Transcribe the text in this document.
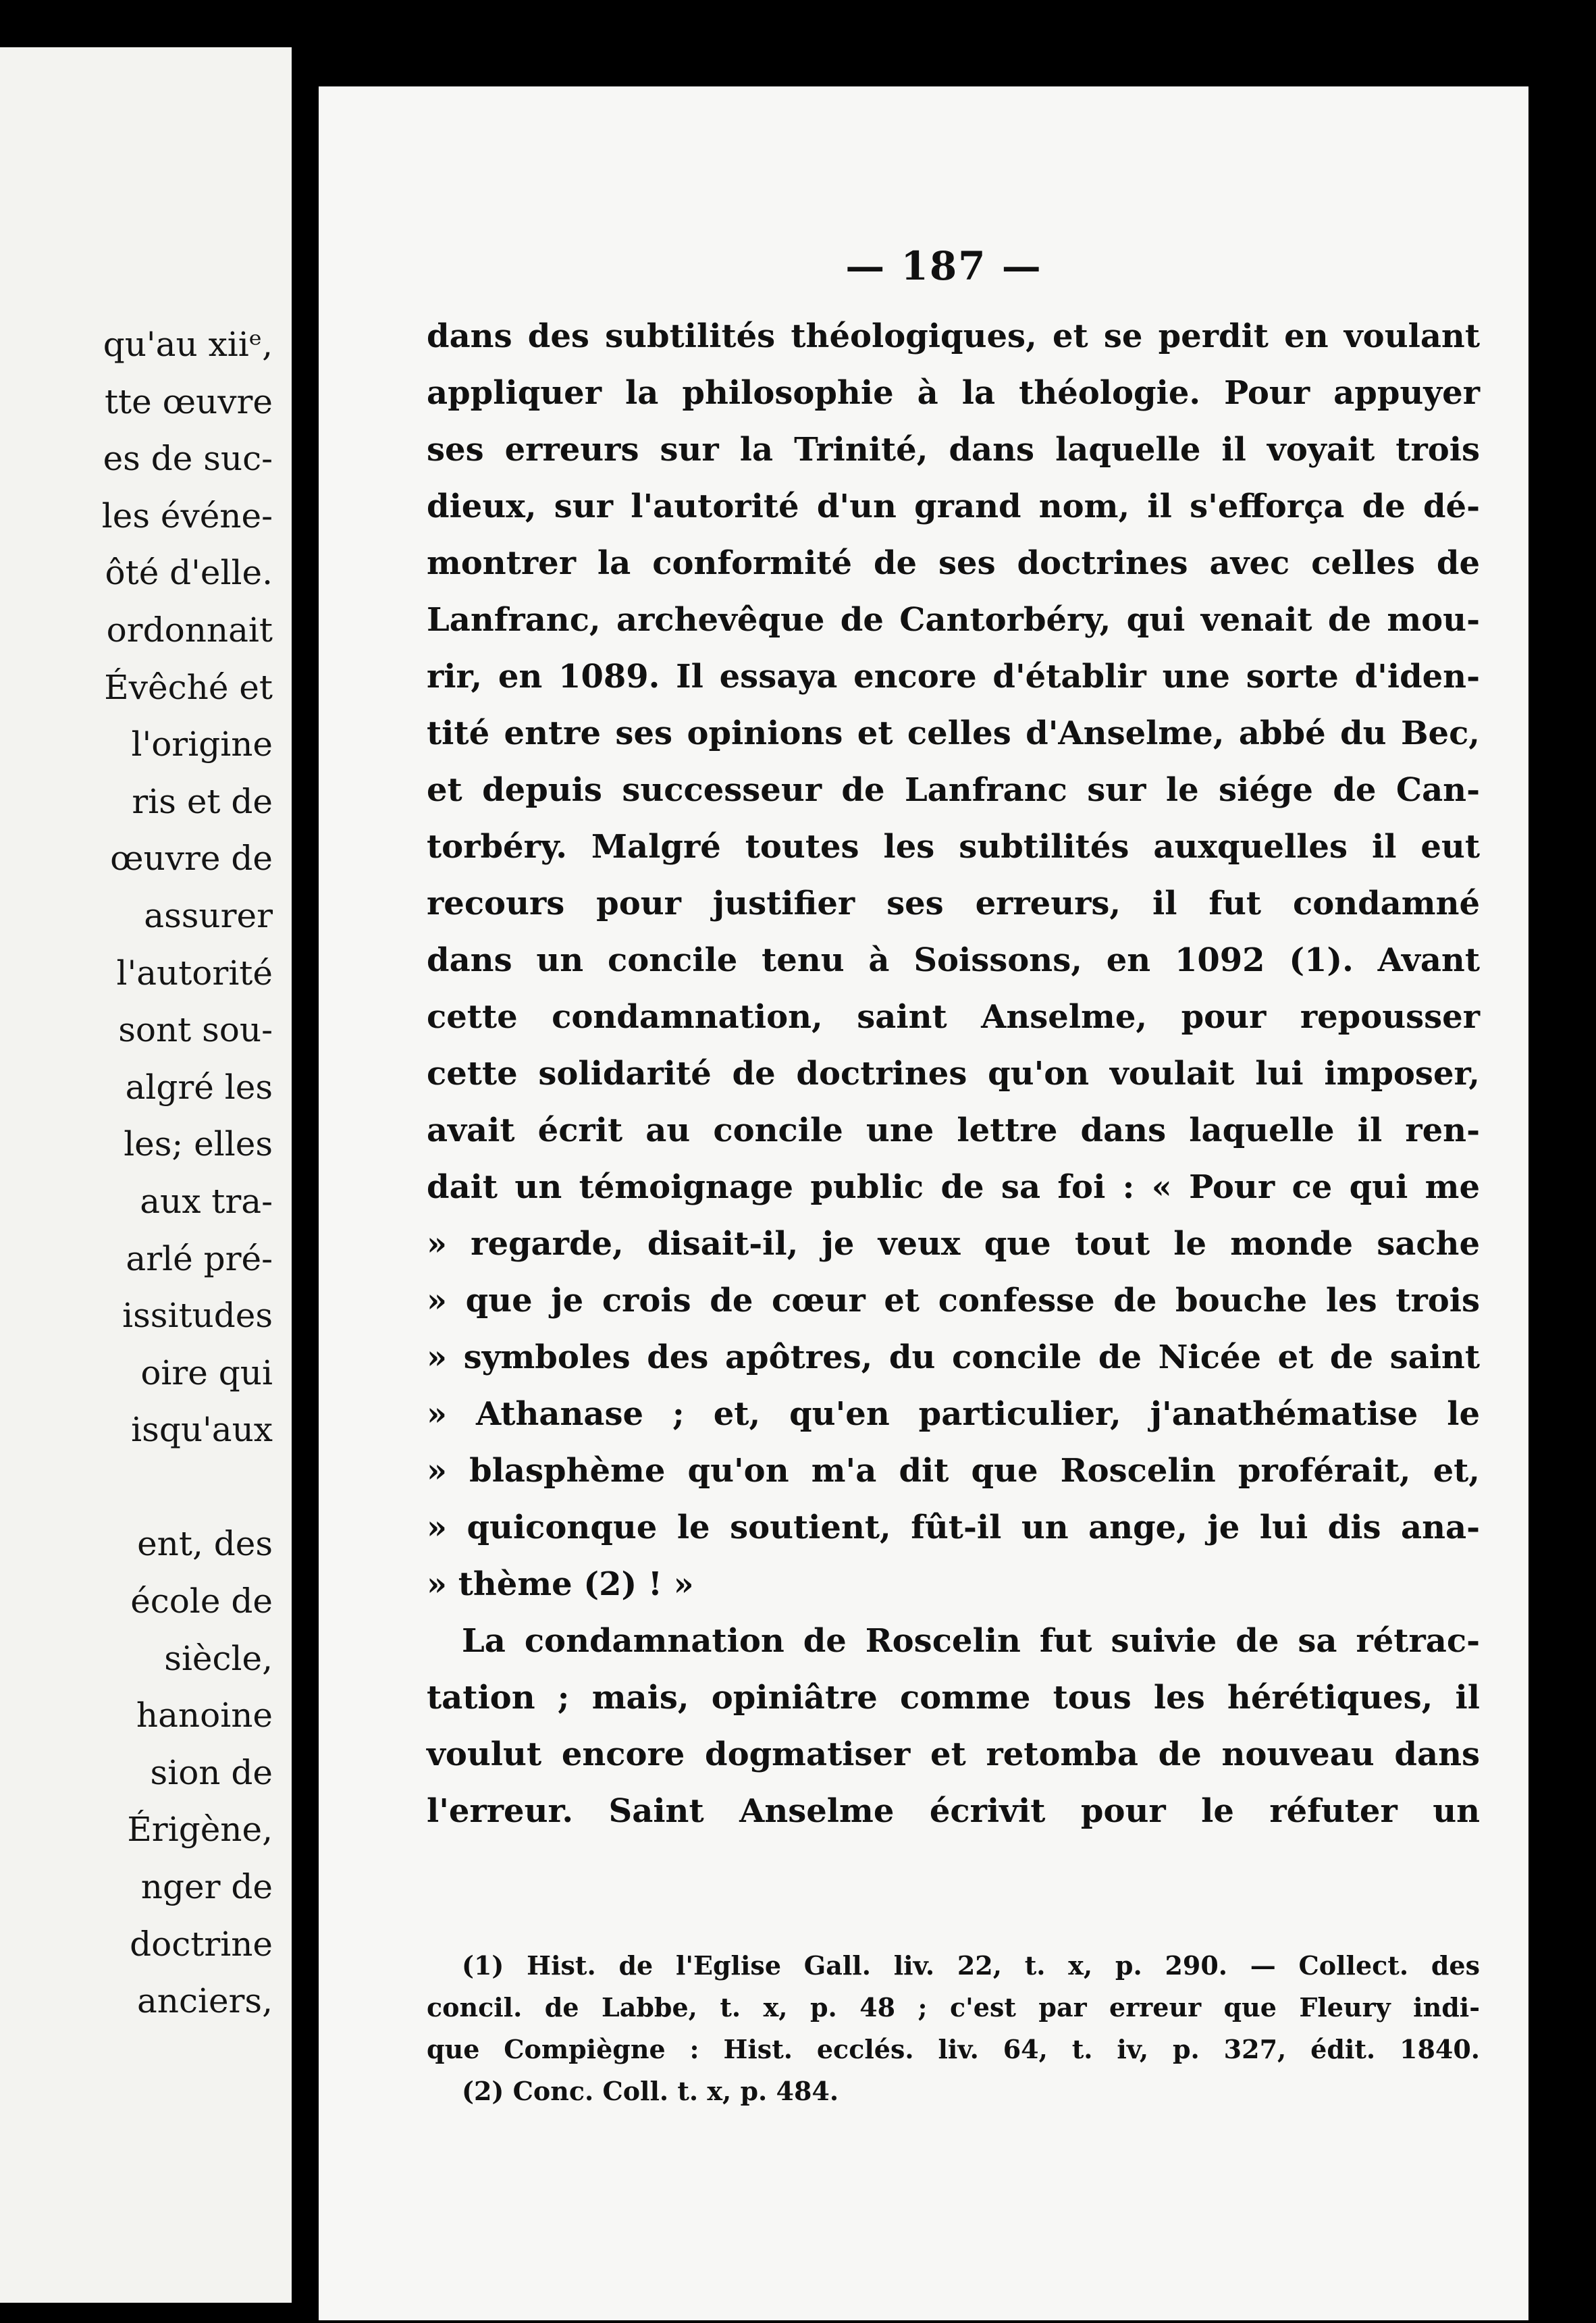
qu'au xiiᵉ,
tte œuvre
es de suc-
les événe-
ôté d'elle.
ordonnait
Évêché et
l'origine
ris et de
œuvre de
assurer
l'autorité
sont sou-
algré les
les; elles
aux tra-
arlé pré-
issitudes
oire qui
isqu'aux
ent, des
école de
siècle,
hanoine
sion de
Érigène,
nger de
doctrine
anciers,
— 187 —
dans des subtilités théologiques, et se perdit en voulant
appliquer la philosophie à la théologie. Pour appuyer
ses erreurs sur la Trinité, dans laquelle il voyait trois
dieux, sur l'autorité d'un grand nom, il s'efforça de dé-
montrer la conformité de ses doctrines avec celles de
Lanfranc, archevêque de Cantorbéry, qui venait de mou-
rir, en 1089. Il essaya encore d'établir une sorte d'iden-
tité entre ses opinions et celles d'Anselme, abbé du Bec,
et depuis successeur de Lanfranc sur le siége de Can-
torbéry. Malgré toutes les subtilités auxquelles il eut
recours pour justifier ses erreurs, il fut condamné
dans un concile tenu à Soissons, en 1092 (1). Avant
cette condamnation, saint Anselme, pour repousser
cette solidarité de doctrines qu'on voulait lui imposer,
avait écrit au concile une lettre dans laquelle il ren-
dait un témoignage public de sa foi : « Pour ce qui me
» regarde, disait-il, je veux que tout le monde sache
» que je crois de cœur et confesse de bouche les trois
» symboles des apôtres, du concile de Nicée et de saint
» Athanase ; et, qu'en particulier, j'anathématise le
» blasphème qu'on m'a dit que Roscelin proférait, et,
» quiconque le soutient, fût-il un ange, je lui dis ana-
» thème (2) ! »
La condamnation de Roscelin fut suivie de sa rétrac-
tation ; mais, opiniâtre comme tous les hérétiques, il
voulut encore dogmatiser et retomba de nouveau dans
l'erreur. Saint Anselme écrivit pour le réfuter un
(1) Hist. de l'Eglise Gall. liv. 22, t. x, p. 290. — Collect. des
concil. de Labbe, t. x, p. 48 ; c'est par erreur que Fleury indi-
que Compiègne : Hist. ecclés. liv. 64, t. iv, p. 327, édit. 1840.
(2) Conc. Coll. t. x, p. 484.
